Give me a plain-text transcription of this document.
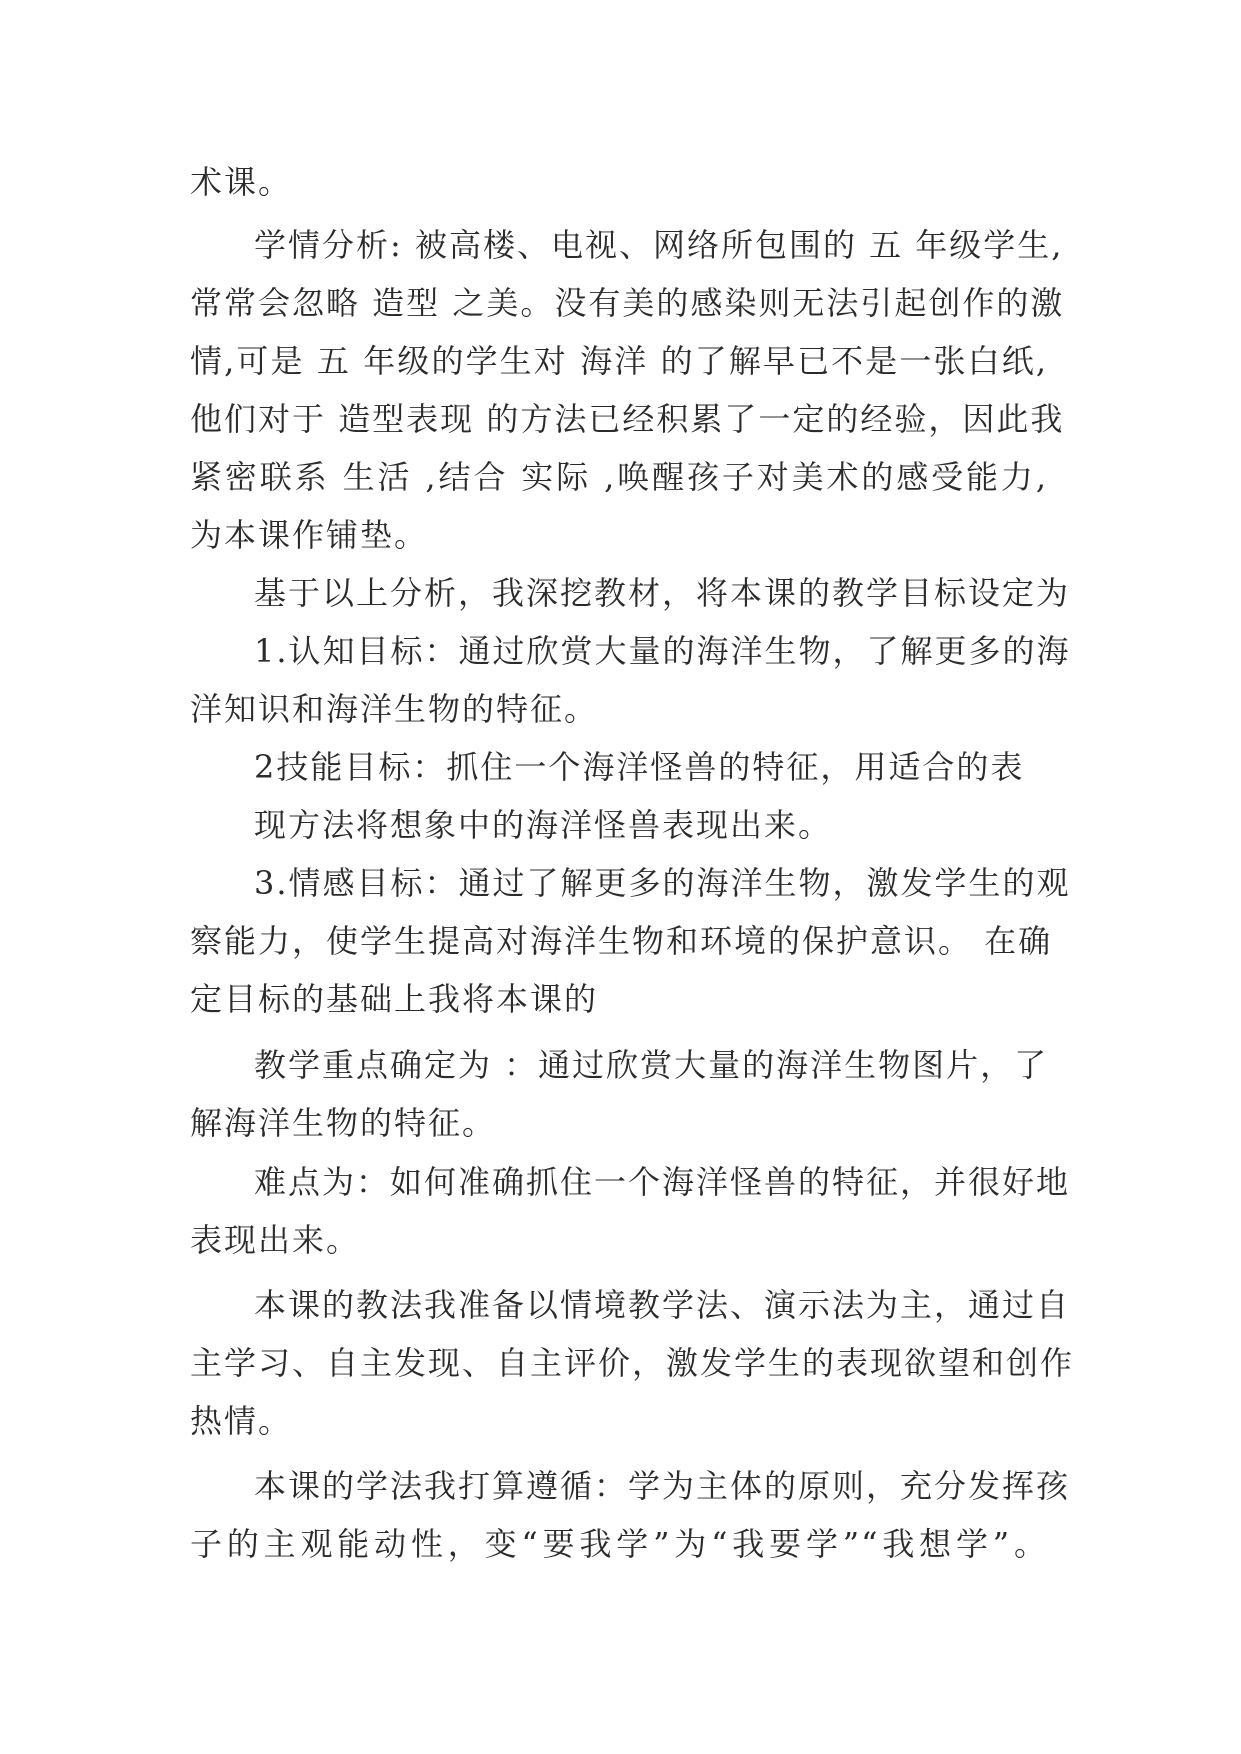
术课。
学情分析: 被高楼、电视、网络所包围的 五 年级学生,
常常会忽略 造型 之美。没有美的感染则无法引起创作的激
情,可是 五 年级的学生对 海洋 的了解早已不是一张白纸,
他们对于 造型表现 的方法已经积累了一定的经验，因此我
紧密联系 生活 ,结合 实际 ,唤醒孩子对美术的感受能力,
为本课作铺垫。
基于以上分析，我深挖教材，将本课的教学目标设定为
1.认知目标：通过欣赏大量的海洋生物，了解更多的海
洋知识和海洋生物的特征。
2技能目标：抓住一个海洋怪兽的特征，用适合的表
现方法将想象中的海洋怪兽表现出来。
3.情感目标：通过了解更多的海洋生物，激发学生的观
察能力，使学生提高对海洋生物和环境的保护意识。 在确
定目标的基础上我将本课的
教学重点确定为 ：通过欣赏大量的海洋生物图片，了
解海洋生物的特征。
难点为：如何准确抓住一个海洋怪兽的特征，并很好地
表现出来。
本课的教法我准备以情境教学法、演示法为主，通过自
主学习、自主发现、自主评价，激发学生的表现欲望和创作
热情。
本课的学法我打算遵循：学为主体的原则，充分发挥孩
子的主观能动性，变“要我学”为“我要学”“我想学”。
